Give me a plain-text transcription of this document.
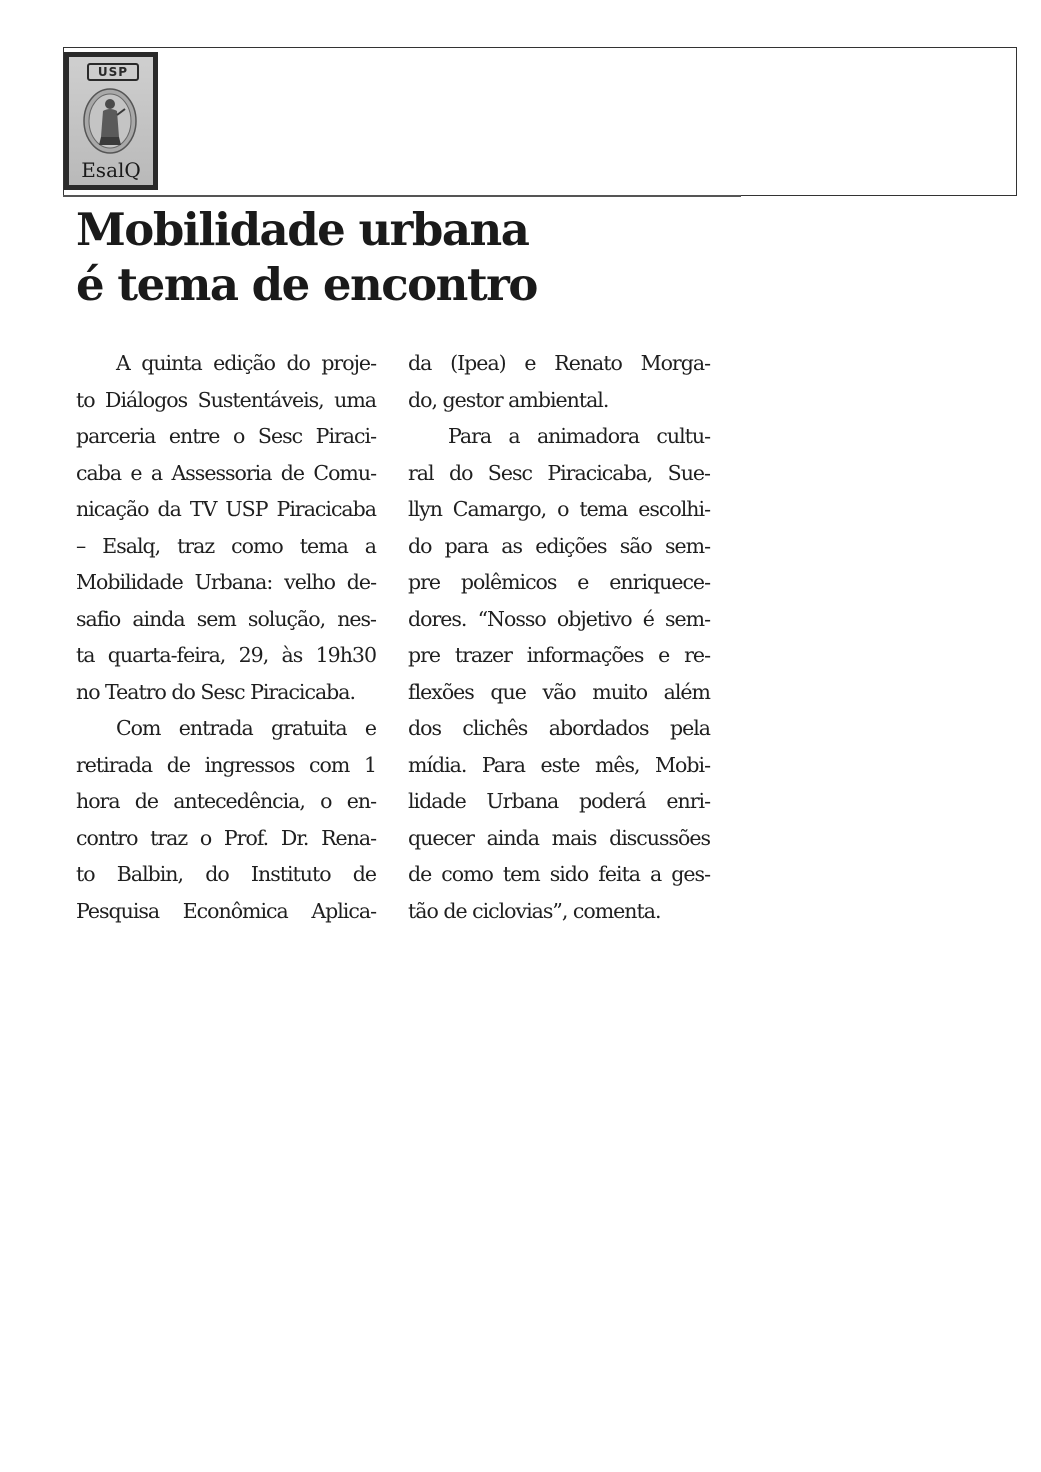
USP
EsalQ
Mobilidade urbana
é tema de encontro
A quinta edição do proje-
to Diálogos Sustentáveis, uma
parceria entre o Sesc Piraci-
caba e a Assessoria de Comu-
nicação da TV USP Piracicaba
– Esalq, traz como tema a
Mobilidade Urbana: velho de-
safio ainda sem solução, nes-
ta quarta-feira, 29, às 19h30
no Teatro do Sesc Piracicaba.
Com entrada gratuita e
retirada de ingressos com 1
hora de antecedência, o en-
contro traz o Prof. Dr. Rena-
to Balbin, do Instituto de
Pesquisa Econômica Aplica-
da (Ipea) e Renato Morga-
do, gestor ambiental.
Para a animadora cultu-
ral do Sesc Piracicaba, Sue-
llyn Camargo, o tema escolhi-
do para as edições são sem-
pre polêmicos e enriquece-
dores. “Nosso objetivo é sem-
pre trazer informações e re-
flexões que vão muito além
dos clichês abordados pela
mídia. Para este mês, Mobi-
lidade Urbana poderá enri-
quecer ainda mais discussões
de como tem sido feita a ges-
tão de ciclovias”, comenta.
